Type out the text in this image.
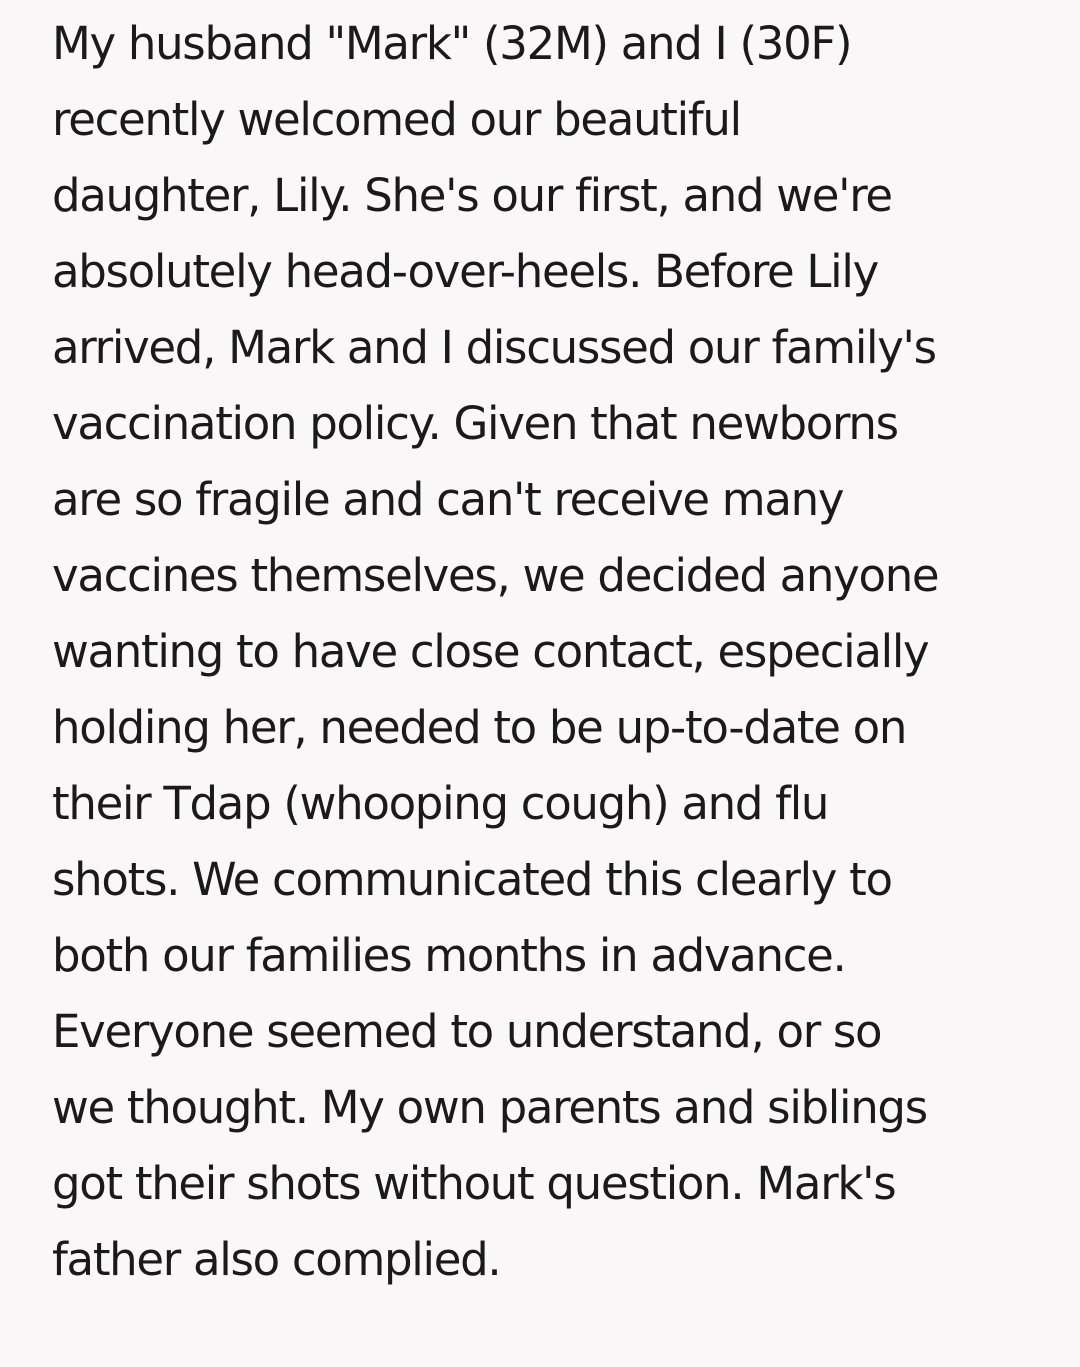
My husband "Mark" (32M) and I (30F)
recently welcomed our beautiful
daughter, Lily. She's our first, and we're
absolutely head-over-heels. Before Lily
arrived, Mark and I discussed our family's
vaccination policy. Given that newborns
are so fragile and can't receive many
vaccines themselves, we decided anyone
wanting to have close contact, especially
holding her, needed to be up-to-date on
their Tdap (whooping cough) and flu
shots. We communicated this clearly to
both our families months in advance.
Everyone seemed to understand, or so
we thought. My own parents and siblings
got their shots without question. Mark's
father also complied.
